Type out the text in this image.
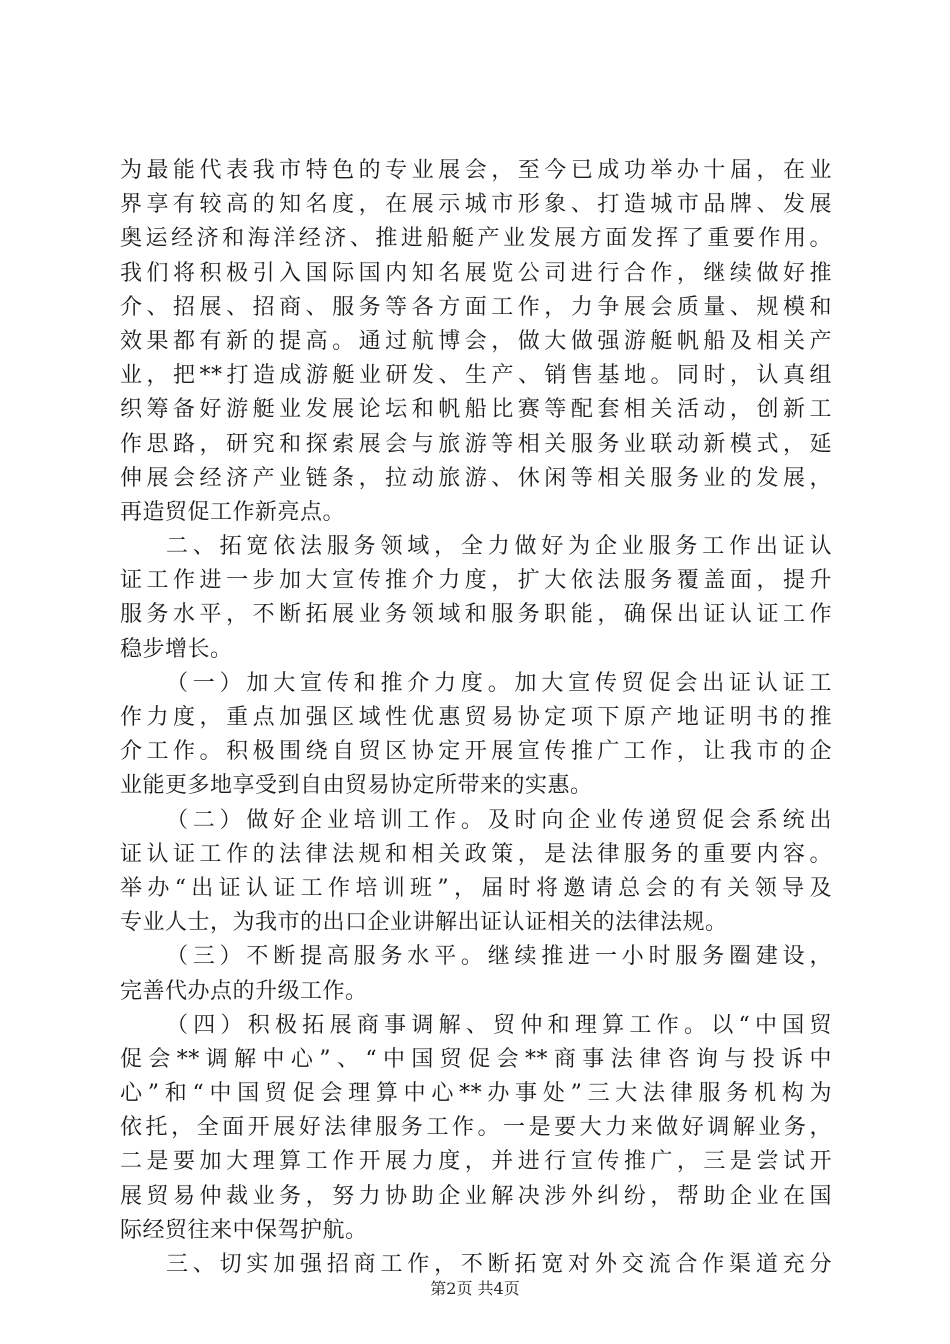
为最能代表我市特色的专业展会，至今已成功举办十届，在业
界享有较高的知名度，在展示城市形象、打造城市品牌、发展
奥运经济和海洋经济、推进船艇产业发展方面发挥了重要作用。
我们将积极引入国际国内知名展览公司进行合作，继续做好推
介、招展、招商、服务等各方面工作，力争展会质量、规模和
效果都有新的提高。通过航博会，做大做强游艇帆船及相关产
业，把**打造成游艇业研发、生产、销售基地。同时，认真组
织筹备好游艇业发展论坛和帆船比赛等配套相关活动，创新工
作思路，研究和探索展会与旅游等相关服务业联动新模式，延
伸展会经济产业链条，拉动旅游、休闲等相关服务业的发展，
再造贸促工作新亮点。
二、拓宽依法服务领域，全力做好为企业服务工作出证认
证工作进一步加大宣传推介力度，扩大依法服务覆盖面，提升
服务水平，不断拓展业务领域和服务职能，确保出证认证工作
稳步增长。
（一）加大宣传和推介力度。加大宣传贸促会出证认证工
作力度，重点加强区域性优惠贸易协定项下原产地证明书的推
介工作。积极围绕自贸区协定开展宣传推广工作，让我市的企
业能更多地享受到自由贸易协定所带来的实惠。
（二）做好企业培训工作。及时向企业传递贸促会系统出
证认证工作的法律法规和相关政策，是法律服务的重要内容。
举办“出证认证工作培训班”，届时将邀请总会的有关领导及
专业人士，为我市的出口企业讲解出证认证相关的法律法规。
（三）不断提高服务水平。继续推进一小时服务圈建设，
完善代办点的升级工作。
（四）积极拓展商事调解、贸仲和理算工作。以“中国贸
促会**调解中心”、“中国贸促会**商事法律咨询与投诉中
心”和“中国贸促会理算中心**办事处”三大法律服务机构为
依托，全面开展好法律服务工作。一是要大力来做好调解业务，
二是要加大理算工作开展力度，并进行宣传推广，三是尝试开
展贸易仲裁业务，努力协助企业解决涉外纠纷，帮助企业在国
际经贸往来中保驾护航。
三、切实加强招商工作，不断拓宽对外交流合作渠道充分
第2页 共4页
